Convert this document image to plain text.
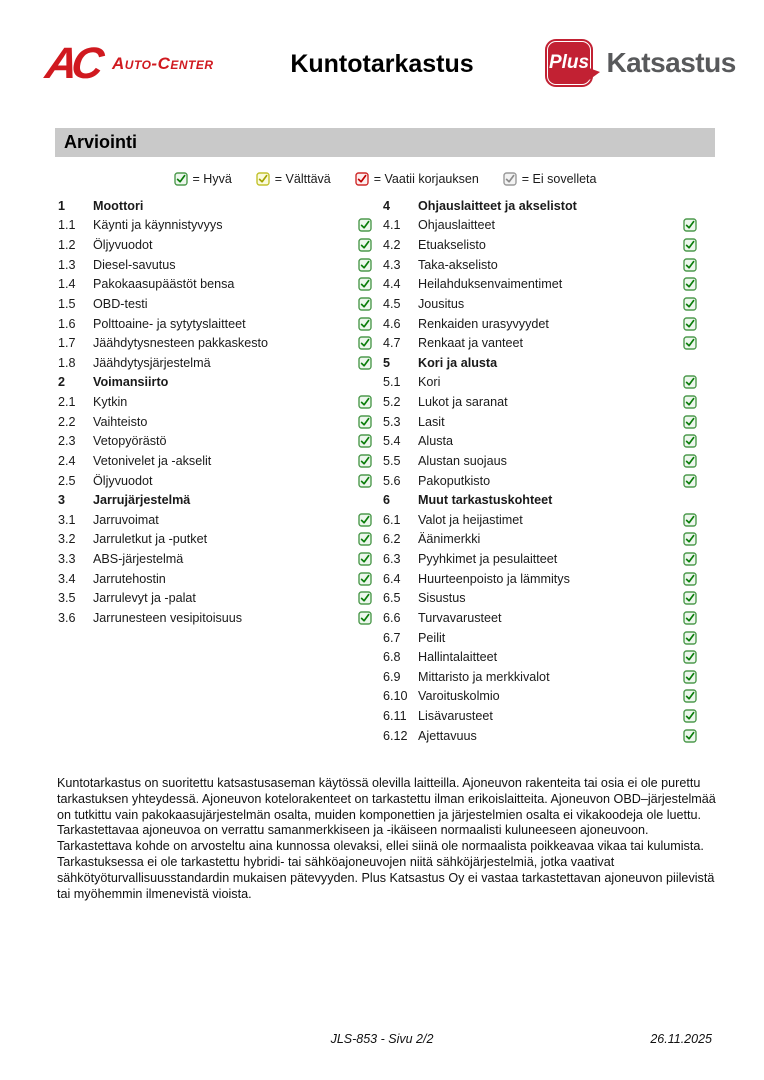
AC Auto-Center	Kuntotarkastus	Plus Katsastus
Arviointi
= Hyvä	= Välttävä	= Vaatii korjauksen	= Ei sovelleta
1	Moottori
1.1	Käynti ja käynnistyvyys
1.2	Öljyvuodot
1.3	Diesel-savutus
1.4	Pakokaasupäästöt bensa
1.5	OBD-testi
1.6	Polttoaine- ja sytytyslaitteet
1.7	Jäähdytysnesteen pakkaskesto
1.8	Jäähdytysjärjestelmä
2	Voimansiirto
2.1	Kytkin
2.2	Vaihteisto
2.3	Vetopyörästö
2.4	Vetonivelet ja -akselit
2.5	Öljyvuodot
3	Jarrujärjestelmä
3.1	Jarruvoimat
3.2	Jarruletkut ja -putket
3.3	ABS-järjestelmä
3.4	Jarrutehostin
3.5	Jarrulevyt ja -palat
3.6	Jarrunesteen vesipitoisuus
4	Ohjauslaitteet ja akselistot
4.1	Ohjauslaitteet
4.2	Etuakselisto
4.3	Taka-akselisto
4.4	Heilahduksenvaimentimet
4.5	Jousitus
4.6	Renkaiden urasyvyydet
4.7	Renkaat ja vanteet
5	Kori ja alusta
5.1	Kori
5.2	Lukot ja saranat
5.3	Lasit
5.4	Alusta
5.5	Alustan suojaus
5.6	Pakoputkisto
6	Muut tarkastuskohteet
6.1	Valot ja heijastimet
6.2	Äänimerkki
6.3	Pyyhkimet ja pesulaitteet
6.4	Huurteenpoisto ja lämmitys
6.5	Sisustus
6.6	Turvavarusteet
6.7	Peilit
6.8	Hallintalaitteet
6.9	Mittaristo ja merkkivalot
6.10 Varoituskolmio
6.11 Lisävarusteet
6.12 Ajettavuus
Kuntotarkastus on suoritettu katsastusaseman käytössä olevilla laitteilla. Ajoneuvon rakenteita tai osia ei ole purettu tarkastuksen yhteydessä. Ajoneuvon kotelorakenteet on tarkastettu ilman erikoislaitteita. Ajoneuvon OBD–järjestelmää on tutkittu vain pakokaasujärjestelmän osalta, muiden komponettien ja järjestelmien osalta ei vikakoodeja ole luettu. Tarkastettavaa ajoneuvoa on verrattu samanmerkkiseen ja -ikäiseen normaalisti kuluneeseen ajoneuvoon. Tarkastettava kohde on arvosteltu aina kunnossa olevaksi, ellei siinä ole normaalista poikkeavaa vikaa tai kulumista. Tarkastuksessa ei ole tarkastettu hybridi- tai sähköajoneuvojen niitä sähköjärjestelmiä, jotka vaativat sähkötyöturvallisuusstandardin mukaisen pätevyyden. Plus Katsastus Oy ei vastaa tarkastettavan ajoneuvon piilevistä tai myöhemmin ilmenevistä vioista.
JLS-853 - Sivu 2/2	26.11.2025
